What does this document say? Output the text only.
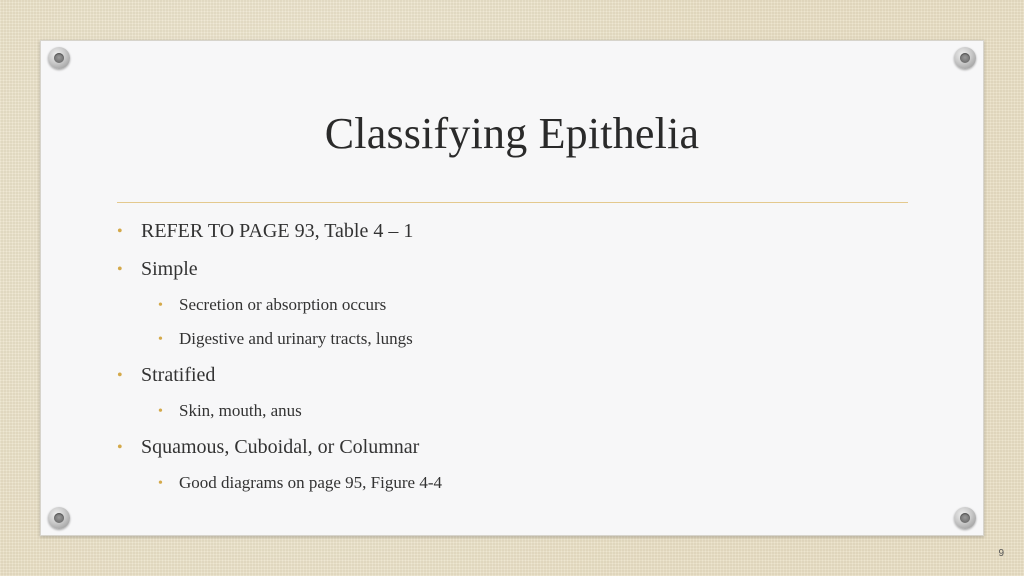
Classifying Epithelia
• REFER TO PAGE 93, Table 4 – 1
• Simple
• Secretion or absorption occurs
• Digestive and urinary tracts, lungs
• Stratified
• Skin, mouth, anus
• Squamous, Cuboidal, or Columnar
• Good diagrams on page 95, Figure 4-4
9
